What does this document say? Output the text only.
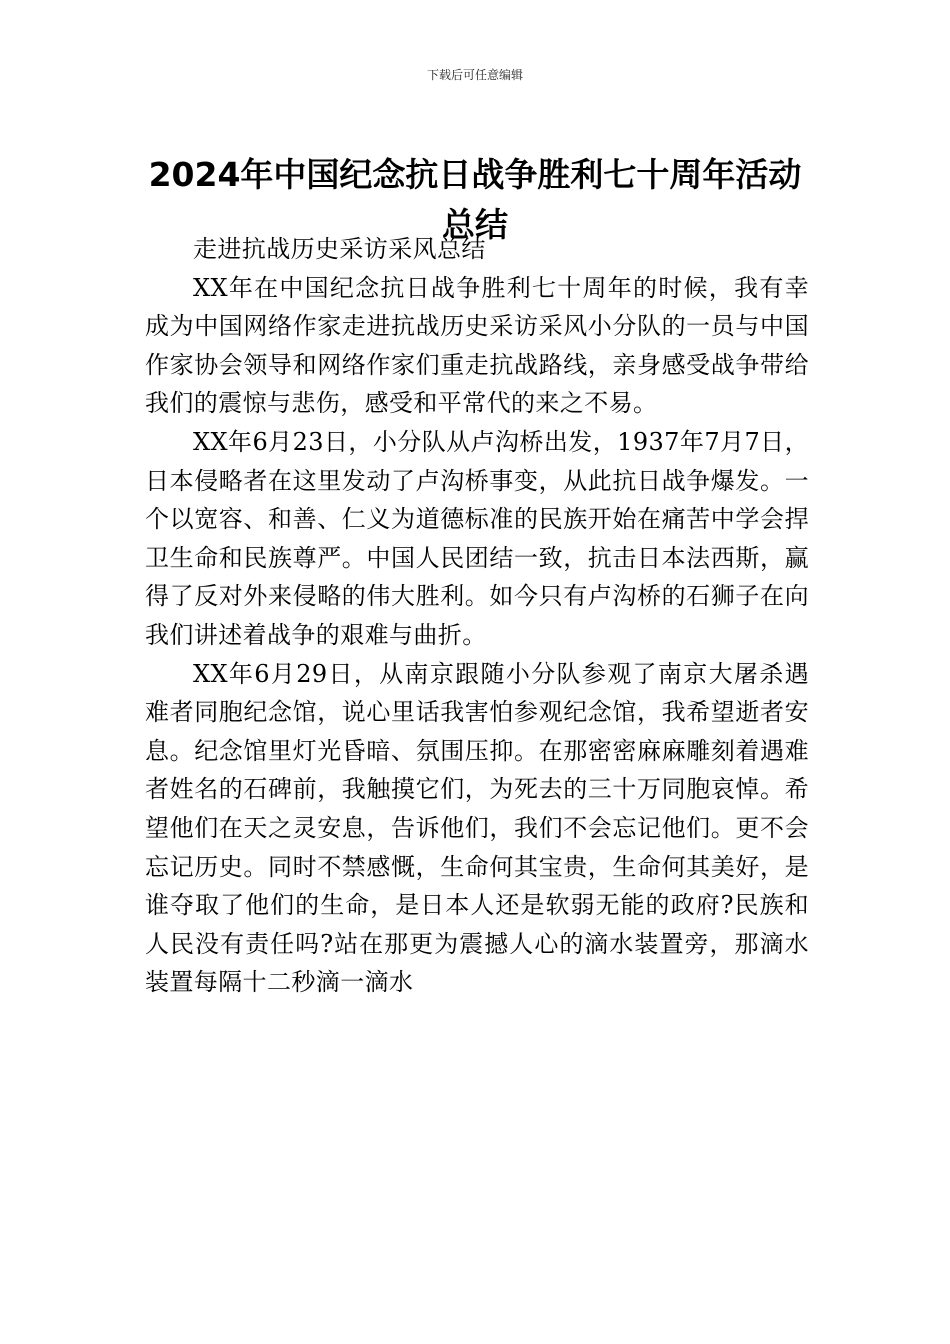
下载后可任意编辑
2024年中国纪念抗日战争胜利七十周年活动总结

走进抗战历史采访采风总结

XX年在中国纪念抗日战争胜利七十周年的时候，我有幸成为中国网络作家走进抗战历史采访采风小分队的一员与中国作家协会领导和网络作家们重走抗战路线，亲身感受战争带给我们的震惊与悲伤，感受和平常代的来之不易。

XX年6月23日，小分队从卢沟桥出发，1937年7月7日，日本侵略者在这里发动了卢沟桥事变，从此抗日战争爆发。一个以宽容、和善、仁义为道德标准的民族开始在痛苦中学会捍卫生命和民族尊严。中国人民团结一致，抗击日本法西斯，赢得了反对外来侵略的伟大胜利。如今只有卢沟桥的石狮子在向我们讲述着战争的艰难与曲折。

XX年6月29日，从南京跟随小分队参观了南京大屠杀遇难者同胞纪念馆，说心里话我害怕参观纪念馆，我希望逝者安息。纪念馆里灯光昏暗、氛围压抑。在那密密麻麻雕刻着遇难者姓名的石碑前，我触摸它们，为死去的三十万同胞哀悼。希望他们在天之灵安息，告诉他们，我们不会忘记他们。更不会忘记历史。同时不禁感慨，生命何其宝贵，生命何其美好，是谁夺取了他们的生命，是日本人还是软弱无能的政府?民族和人民没有责任吗?站在那更为震撼人心的滴水装置旁，那滴水装置每隔十二秒滴一滴水
